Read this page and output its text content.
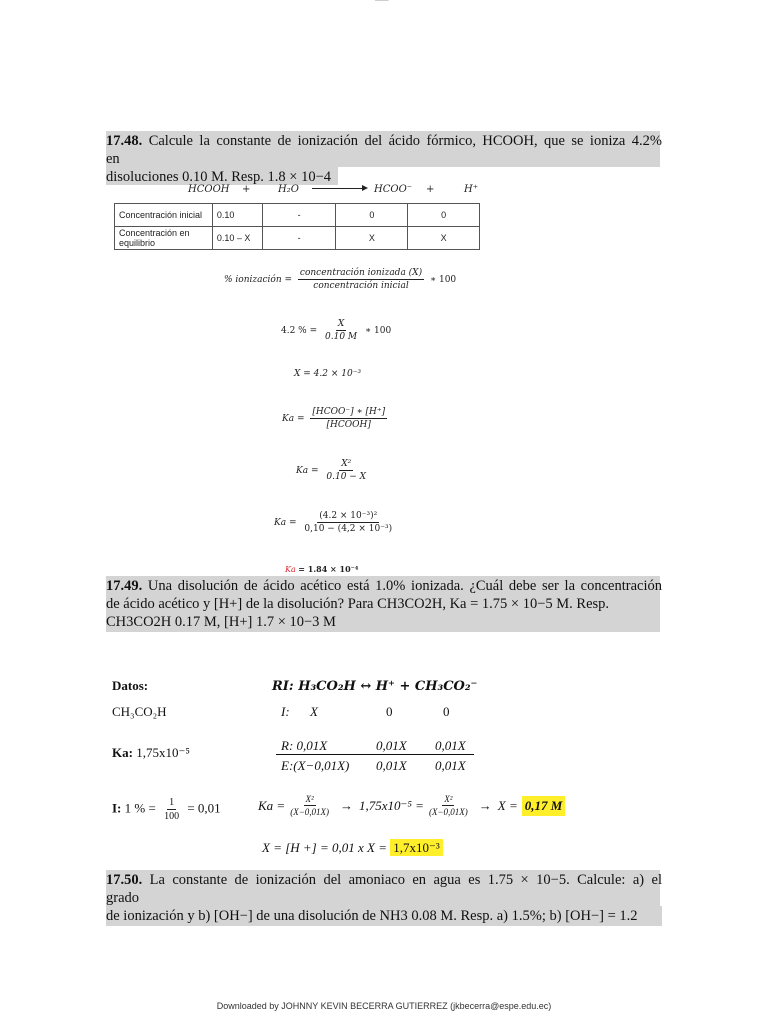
17.48. Calcule la constante de ionización del ácido fórmico, HCOOH, que se ioniza 4.2%
en
disoluciones 0.10 M. Resp. 1.8 × 10−4
HCOOH +	H₂O	HCOO⁻ +	H⁺
Concentración inicial	0.10	-	0	0
Concentración en equilibrio	0.10 – X	-	X	X
% ionización = $\frac{\text{concentración ionizada (X)}}{\text{concentración inicial}}$ ∗ 100
4.2 % = $\frac{X}{0.10 M}$ ∗ 100
X = 4.2 × 10⁻³
$Ka = \frac{\text{[HCOO⁻] ∗ [H⁺]}}{\text{[HCOOH]}}$
$Ka = \frac{\text{X²}}{0.10 - X}$
$Ka = \frac{\text{(4.2 × 10⁻³)²}}{\text{0,10 − (4,2 × 10⁻³)}}$
Ka = 1.84 × 10⁻⁴
17.49. Una disolución de ácido acético está 1.0% ionizada. ¿Cuál debe ser la concentración
de ácido acético y [H+] de la disolución? Para CH3CO2H, Ka = 1.75 × 10−5 M. Resp.
CH3CO2H 0.17 M, [H+] 1.7 × 10−3 M
Datos:
CH₃CO₂H
Ka: 1,75x10⁻⁵
I: 1 % = $\frac{1}{100} = 0,01$
RI: H₃CO₂H ↔ H⁺ + CH₃CO₂⁻
I: X	0	0
R: 0,01X	0,01X 0,01X
E:(X−0,01X) 0,01X 0,01X
$Ka = \frac{\text{X²}}{(X-0,01X)} \to 1,75x10^{-5} = \frac{\text{X²}}{(X-0,01X)} \to X = 0,17$ M
X = [H +] = 0,01 x X = 1,7x10⁻³
17.50. La constante de ionización del amoniaco en agua es 1.75 × 10−5. Calcule: a) el
grado
de ionización y b) [OH−] de una disolución de NH3 0.08 M. Resp. a) 1.5%; b) [OH−] = 1.2
Downloaded by JOHNNY KEVIN BECERRA GUTIERREZ (jkbecerra@espe.edu.ec)
